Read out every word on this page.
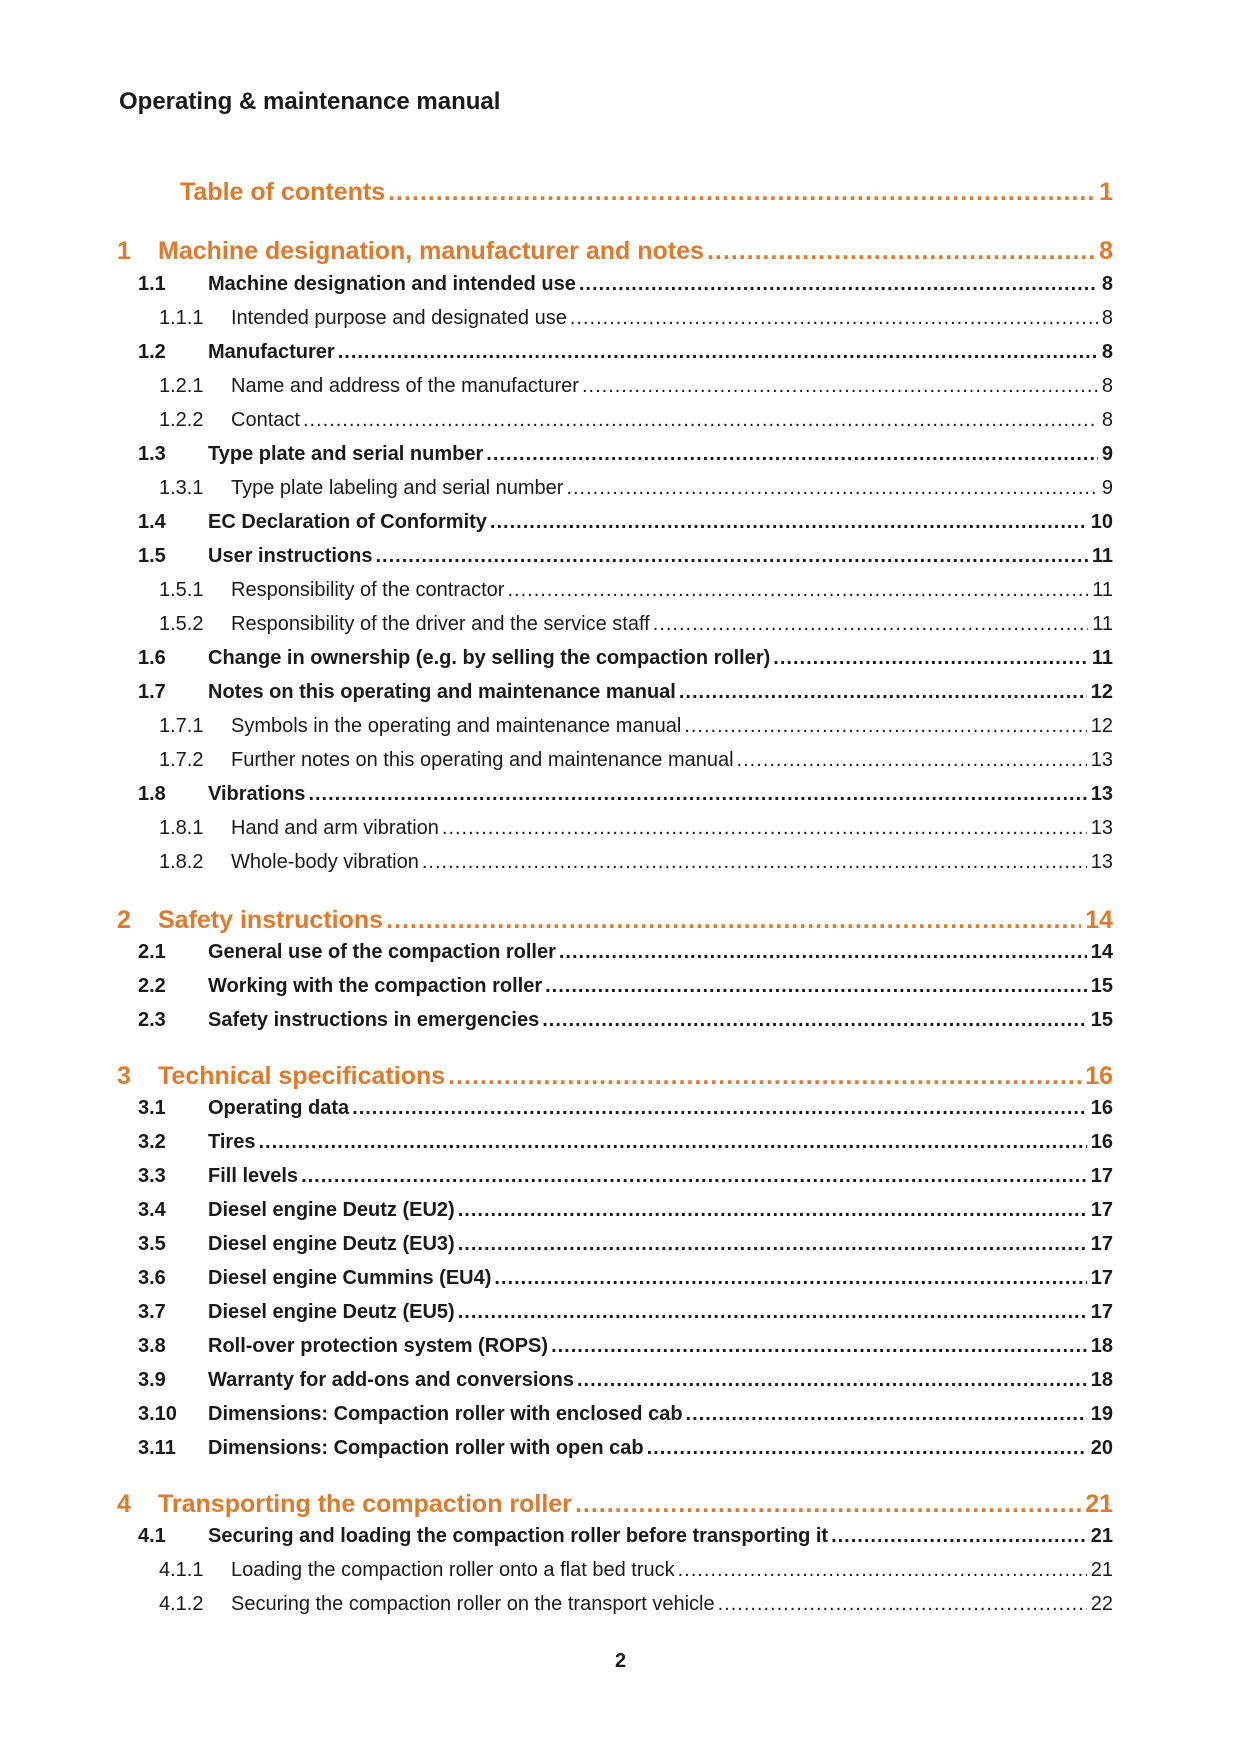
Operating & maintenance manual
Table of contents .....	1
1 Machine designation, manufacturer and notes .....	8
1.1 Machine designation and intended use .....	8
1.1.1 Intended purpose and designated use .....	8
1.2 Manufacturer .....	8
1.2.1 Name and address of the manufacturer .....	8
1.2.2 Contact .....	8
1.3 Type plate and serial number .....	9
1.3.1 Type plate labeling and serial number .....	9
1.4 EC Declaration of Conformity .....	10
1.5 User instructions .....	11
1.5.1 Responsibility of the contractor .....	11
1.5.2 Responsibility of the driver and the service staff .....	11
1.6 Change in ownership (e.g. by selling the compaction roller) .....	11
1.7 Notes on this operating and maintenance manual .....	12
1.7.1 Symbols in the operating and maintenance manual .....	12
1.7.2 Further notes on this operating and maintenance manual .....	13
1.8 Vibrations .....	13
1.8.1 Hand and arm vibration .....	13
1.8.2 Whole-body vibration .....	13
2 Safety instructions .....	14
2.1 General use of the compaction roller .....	14
2.2 Working with the compaction roller .....	15
2.3 Safety instructions in emergencies .....	15
3 Technical specifications .....	16
3.1 Operating data .....	16
3.2 Tires .....	16
3.3 Fill levels .....	17
3.4 Diesel engine Deutz (EU2) .....	17
3.5 Diesel engine Deutz (EU3) .....	17
3.6 Diesel engine Cummins (EU4) .....	17
3.7 Diesel engine Deutz (EU5) .....	17
3.8 Roll-over protection system (ROPS) .....	18
3.9 Warranty for add-ons and conversions .....	18
3.10 Dimensions: Compaction roller with enclosed cab .....	19
3.11 Dimensions: Compaction roller with open cab .....	20
4 Transporting the compaction roller .....	21
4.1 Securing and loading the compaction roller before transporting it .....	21
4.1.1 Loading the compaction roller onto a flat bed truck .....	21
4.1.2 Securing the compaction roller on the transport vehicle .....	22
2
